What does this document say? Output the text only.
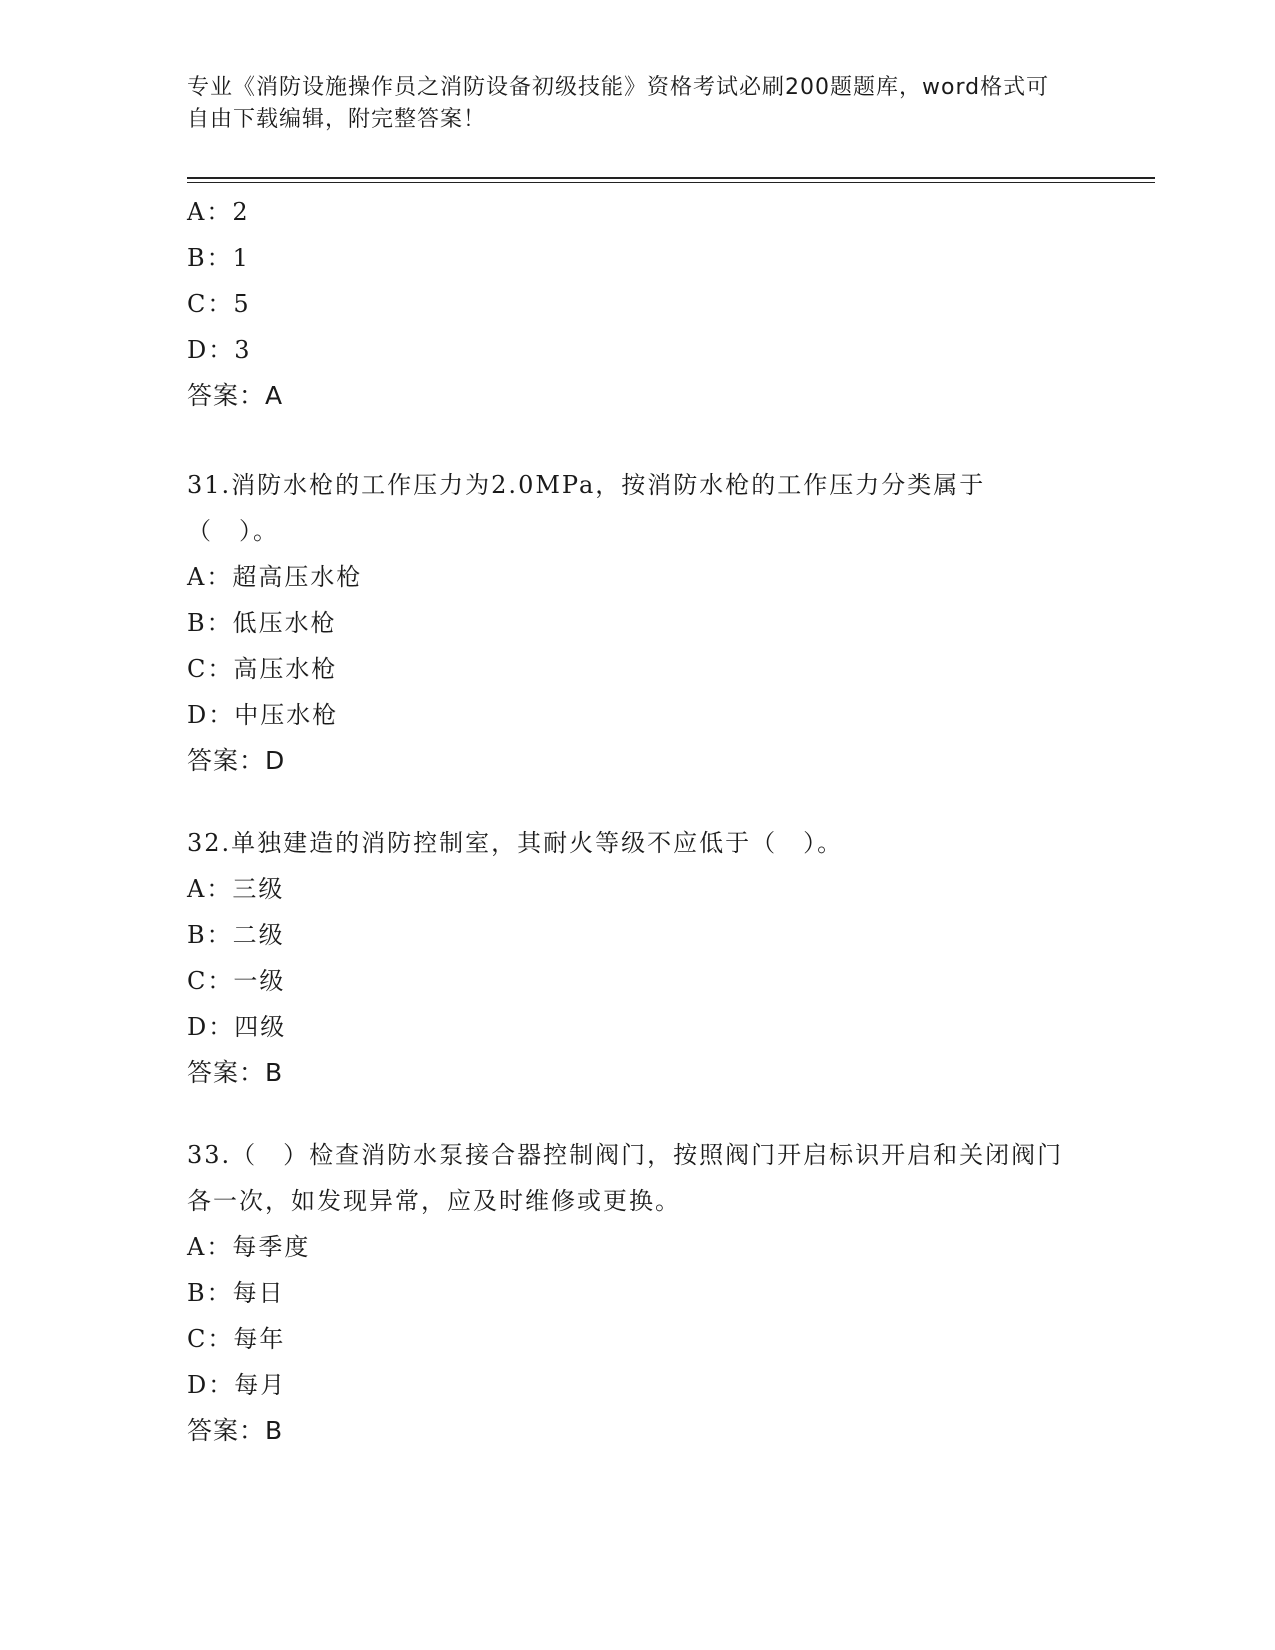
专业《消防设施操作员之消防设备初级技能》资格考试必刷200题题库，word格式可自由下载编辑，附完整答案！
A：2
B：1
C：5
D：3
答案：A
31.消防水枪的工作压力为2.0MPa，按消防水枪的工作压力分类属于（　）。
A：超高压水枪
B：低压水枪
C：高压水枪
D：中压水枪
答案：D
32.单独建造的消防控制室，其耐火等级不应低于（　）。
A：三级
B：二级
C：一级
D：四级
答案：B
33.（　）检查消防水泵接合器控制阀门，按照阀门开启标识开启和关闭阀门各一次，如发现异常，应及时维修或更换。
A：每季度
B：每日
C：每年
D：每月
答案：B
